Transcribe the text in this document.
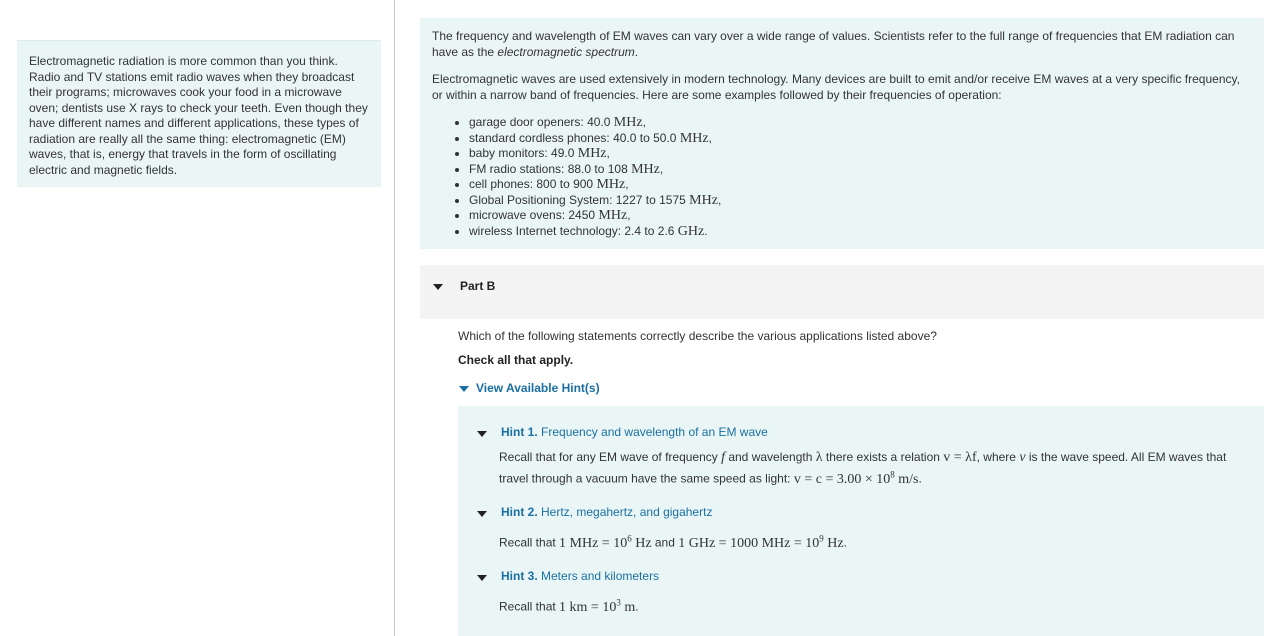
Electromagnetic radiation is more common than you think. Radio and TV stations emit radio waves when they broadcast their programs; microwaves cook your food in a microwave oven; dentists use X rays to check your teeth. Even though they have different names and different applications, these types of radiation are really all the same thing: electromagnetic (EM) waves, that is, energy that travels in the form of oscillating electric and magnetic fields.

The frequency and wavelength of EM waves can vary over a wide range of values. Scientists refer to the full range of frequencies that EM radiation can have as the electromagnetic spectrum.

Electromagnetic waves are used extensively in modern technology. Many devices are built to emit and/or receive EM waves at a very specific frequency, or within a narrow band of frequencies. Here are some examples followed by their frequencies of operation:

• garage door openers: 40.0 MHz,
• standard cordless phones: 40.0 to 50.0 MHz,
• baby monitors: 49.0 MHz,
• FM radio stations: 88.0 to 108 MHz,
• cell phones: 800 to 900 MHz,
• Global Positioning System: 1227 to 1575 MHz,
• microwave ovens: 2450 MHz,
• wireless Internet technology: 2.4 to 2.6 GHz.
Part B
Which of the following statements correctly describe the various applications listed above?
Check all that apply.
View Available Hint(s)
Hint 1. Frequency and wavelength of an EM wave
Recall that for any EM wave of frequency f and wavelength λ there exists a relation v = λf, where v is the wave speed. All EM waves that travel through a vacuum have the same speed as light: $v = c = 3.00 \times 10^8$ m/s.
Hint 2. Hertz, megahertz, and gigahertz
Recall that 1 MHz = $10^6$ Hz and 1 GHz = 1000 MHz = $10^9$ Hz.
Hint 3. Meters and kilometers
Recall that 1 km = $10^3$ m.
